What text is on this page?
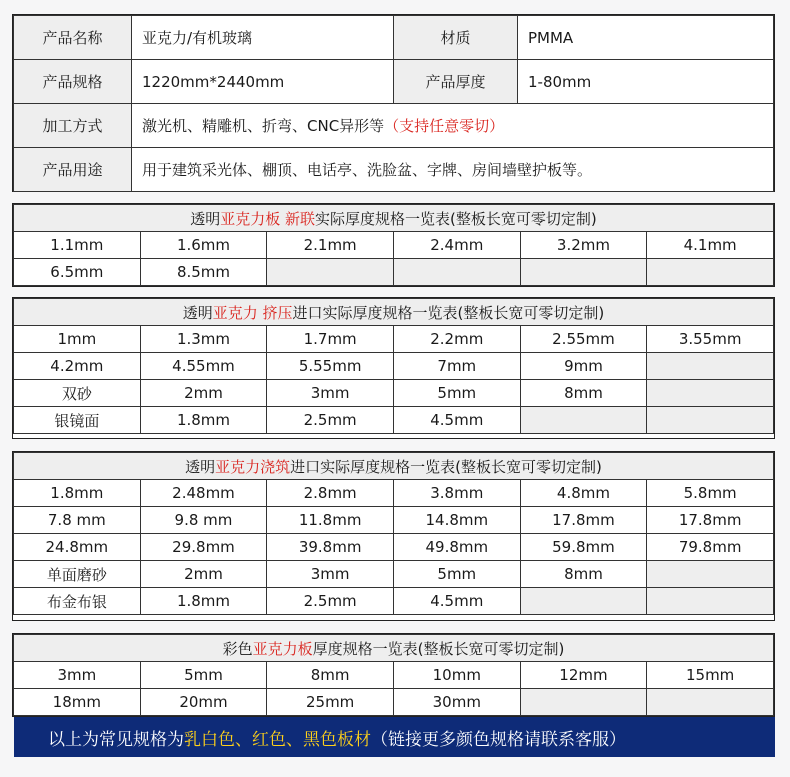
产品名称	亚克力/有机玻璃	材质	PMMA
产品规格	1220mm*2440mm	产品厚度	1-80mm
加工方式	激光机、精雕机、折弯、CNC异形等（支持任意零切）		
产品用途	用于建筑采光体、棚顶、电话亭、洗脸盆、字牌、房间墙壁护板等。		
透明亚克力板 新联实际厚度规格一览表(整板长宽可零切定制)					
1.1mm	1.6mm	2.1mm	2.4mm	3.2mm	4.1mm
6.5mm	8.5mm				
透明亚克力 挤压进口实际厚度规格一览表(整板长宽可零切定制)					
1mm	1.3mm	1.7mm	2.2mm	2.55mm	3.55mm
4.2mm	4.55mm	5.55mm	7mm	9mm	
双砂	2mm	3mm	5mm	8mm	
银镜面	1.8mm	2.5mm	4.5mm		
透明亚克力浇筑进口实际厚度规格一览表(整板长宽可零切定制)					
1.8mm	2.48mm	2.8mm	3.8mm	4.8mm	5.8mm
7.8 mm	9.8 mm	11.8mm	14.8mm	17.8mm	17.8mm
24.8mm	29.8mm	39.8mm	49.8mm	59.8mm	79.8mm
单面磨砂	2mm	3mm	5mm	8mm	
布金布银	1.8mm	2.5mm	4.5mm		
彩色亚克力板厚度规格一览表(整板长宽可零切定制)					
3mm	5mm	8mm	10mm	12mm	15mm
18mm	20mm	25mm	30mm		
以上为常见规格为 乳白色、红色、黑色板材 （链接更多颜色规格请联系客服）
